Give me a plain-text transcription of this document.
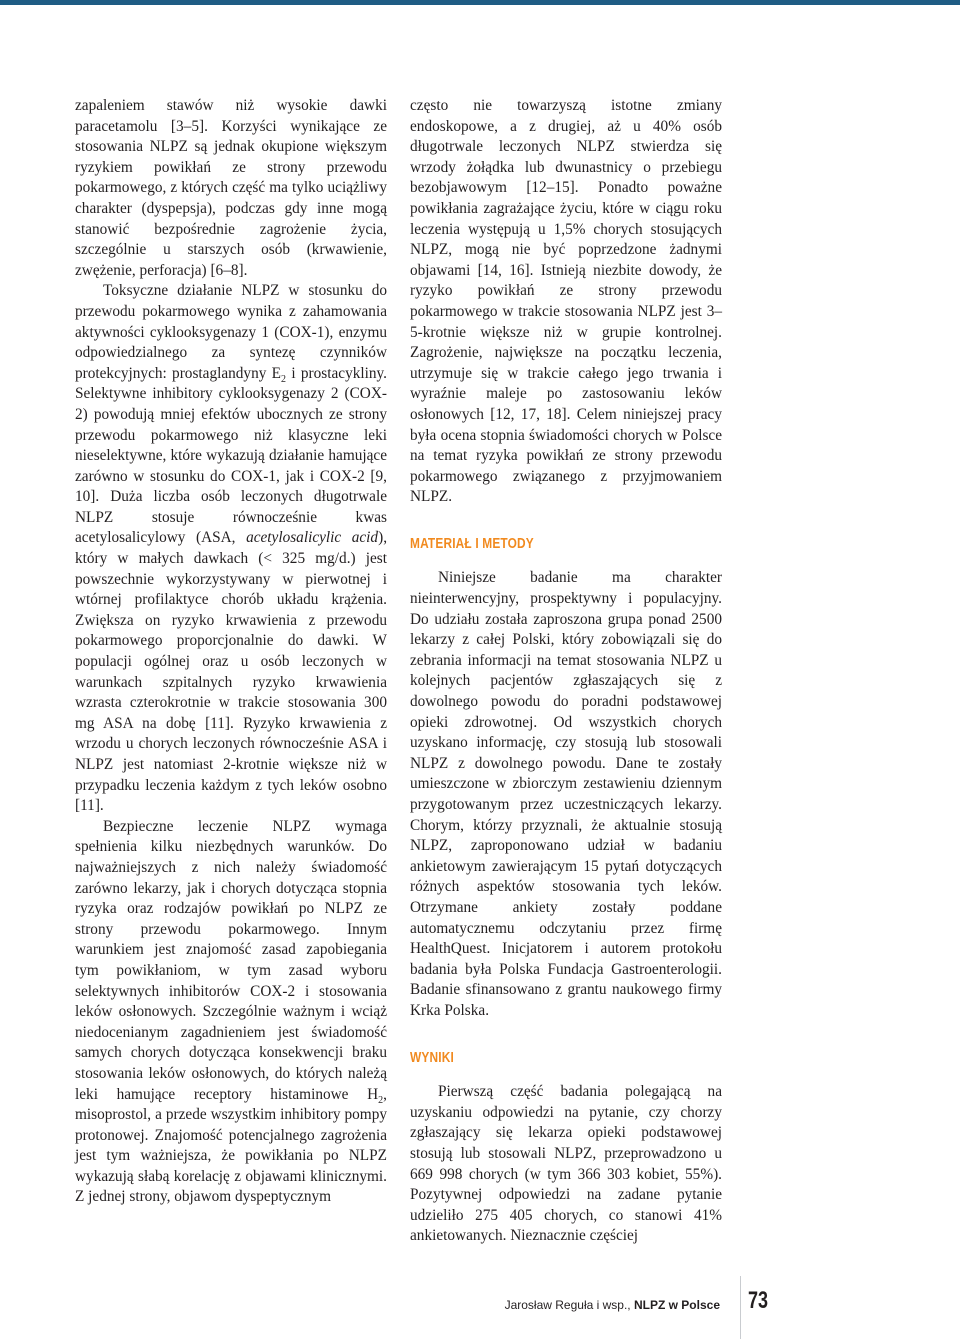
zapaleniem stawów niż wysokie dawki paracetamolu [3–5]. Korzyści wynikające ze stosowania NLPZ są jednak okupione większym ryzykiem powikłań ze strony przewodu pokarmowego, z których część ma tylko uciążliwy charakter (dyspepsja), podczas gdy inne mogą stanowić bezpośrednie zagrożenie życia, szczególnie u starszych osób (krwawienie, zwężenie, perforacja) [6–8].

Toksyczne działanie NLPZ w stosunku do przewodu pokarmowego wynika z zahamowania aktywności cyklooksygenazy 1 (COX-1), enzymu odpowiedzialnego za syntezę czynników protekcyjnych: prostaglandyny $E_2$ i prostacykliny. Selektywne inhibitory cyklooksygenazy 2 (COX-2) powodują mniej efektów ubocznych ze strony przewodu pokarmowego niż klasyczne leki nieselektywne, które wykazują działanie hamujące zarówno w stosunku do COX-1, jak i COX-2 [9, 10]. Duża liczba osób leczonych długotrwale NLPZ stosuje równocześnie kwas acetylosalicylowy (ASA, acetylosalicylic acid), który w małych dawkach (< 325 mg/d.) jest powszechnie wykorzystywany w pierwotnej i wtórnej profilaktyce chorób układu krążenia. Zwiększa on ryzyko krwawienia z przewodu pokarmowego proporcjonalnie do dawki. W populacji ogólnej oraz u osób leczonych w warunkach szpitalnych ryzyko krwawienia wzrasta czterokrotnie w trakcie stosowania 300 mg ASA na dobę [11]. Ryzyko krwawienia z wrzodu u chorych leczonych równocześnie ASA i NLPZ jest natomiast 2-krotnie większe niż w przypadku leczenia każdym z tych leków osobno [11].

Bezpieczne leczenie NLPZ wymaga spełnienia kilku niezbędnych warunków. Do najważniejszych z nich należy świadomość zarówno lekarzy, jak i chorych dotycząca stopnia ryzyka oraz rodzajów powikłań po NLPZ ze strony przewodu pokarmowego. Innym warunkiem jest znajomość zasad zapobiegania tym powikłaniom, w tym zasad wyboru selektywnych inhibitorów COX-2 i stosowania leków osłonowych. Szczególnie ważnym i wciąż niedocenianym zagadnieniem jest świadomość samych chorych dotycząca konsekwencji braku stosowania leków osłonowych, do których należą leki hamujące receptory histaminowe $H_2$, misoprostol, a przede wszystkim inhibitory pompy protonowej. Znajomość potencjalnego zagrożenia jest tym ważniejsza, że powikłania po NLPZ wykazują słabą korelację z objawami klinicznymi. Z jednej strony, objawom dyspeptycznym

często nie towarzyszą istotne zmiany endoskopowe, a z drugiej, aż u 40% osób długotrwale leczonych NLPZ stwierdza się wrzody żołądka lub dwunastnicy o przebiegu bezobjawowym [12–15]. Ponadto poważne powikłania zagrażające życiu, które w ciągu roku leczenia występują u 1,5% chorych stosujących NLPZ, mogą nie być poprzedzone żadnymi objawami [14, 16]. Istnieją niezbite dowody, że ryzyko powikłań ze strony przewodu pokarmowego w trakcie stosowania NLPZ jest 3–5-krotnie większe niż w grupie kontrolnej. Zagrożenie, największe na początku leczenia, utrzymuje się w trakcie całego jego trwania i wyraźnie maleje po zastosowaniu leków osłonowych [12, 17, 18]. Celem niniejszej pracy była ocena stopnia świadomości chorych w Polsce na temat ryzyka powikłań ze strony przewodu pokarmowego związanego z przyjmowaniem NLPZ.

MATERIAŁ I METODY

Niniejsze badanie ma charakter nieinterwencyjny, prospektywny i populacyjny. Do udziału została zaproszona grupa ponad 2500 lekarzy z całej Polski, który zobowiązali się do zebrania informacji na temat stosowania NLPZ u kolejnych pacjentów zgłaszających się z dowolnego powodu do poradni podstawowej opieki zdrowotnej. Od wszystkich chorych uzyskano informację, czy stosują lub stosowali NLPZ z dowolnego powodu. Dane te zostały umieszczone w zbiorczym zestawieniu dziennym przygotowanym przez uczestniczących lekarzy. Chorym, którzy przyznali, że aktualnie stosują NLPZ, zaproponowano udział w badaniu ankietowym zawierającym 15 pytań dotyczących różnych aspektów stosowania tych leków. Otrzymane ankiety zostały poddane automatycznemu odczytaniu przez firmę HealthQuest. Inicjatorem i autorem protokołu badania była Polska Fundacja Gastroenterologii. Badanie sfinansowano z grantu naukowego firmy Krka Polska.

WYNIKI

Pierwszą część badania polegającą na uzyskaniu odpowiedzi na pytanie, czy chorzy zgłaszający się lekarza opieki podstawowej stosują lub stosowali NLPZ, przeprowadzono u 669 998 chorych (w tym 366 303 kobiet, 55%). Pozytywnej odpowiedzi na zadane pytanie udzieliło 275 405 chorych, co stanowi 41% ankietowanych. Nieznacznie częściej

Jarosław Reguła i wsp., NLPZ w Polsce 73
